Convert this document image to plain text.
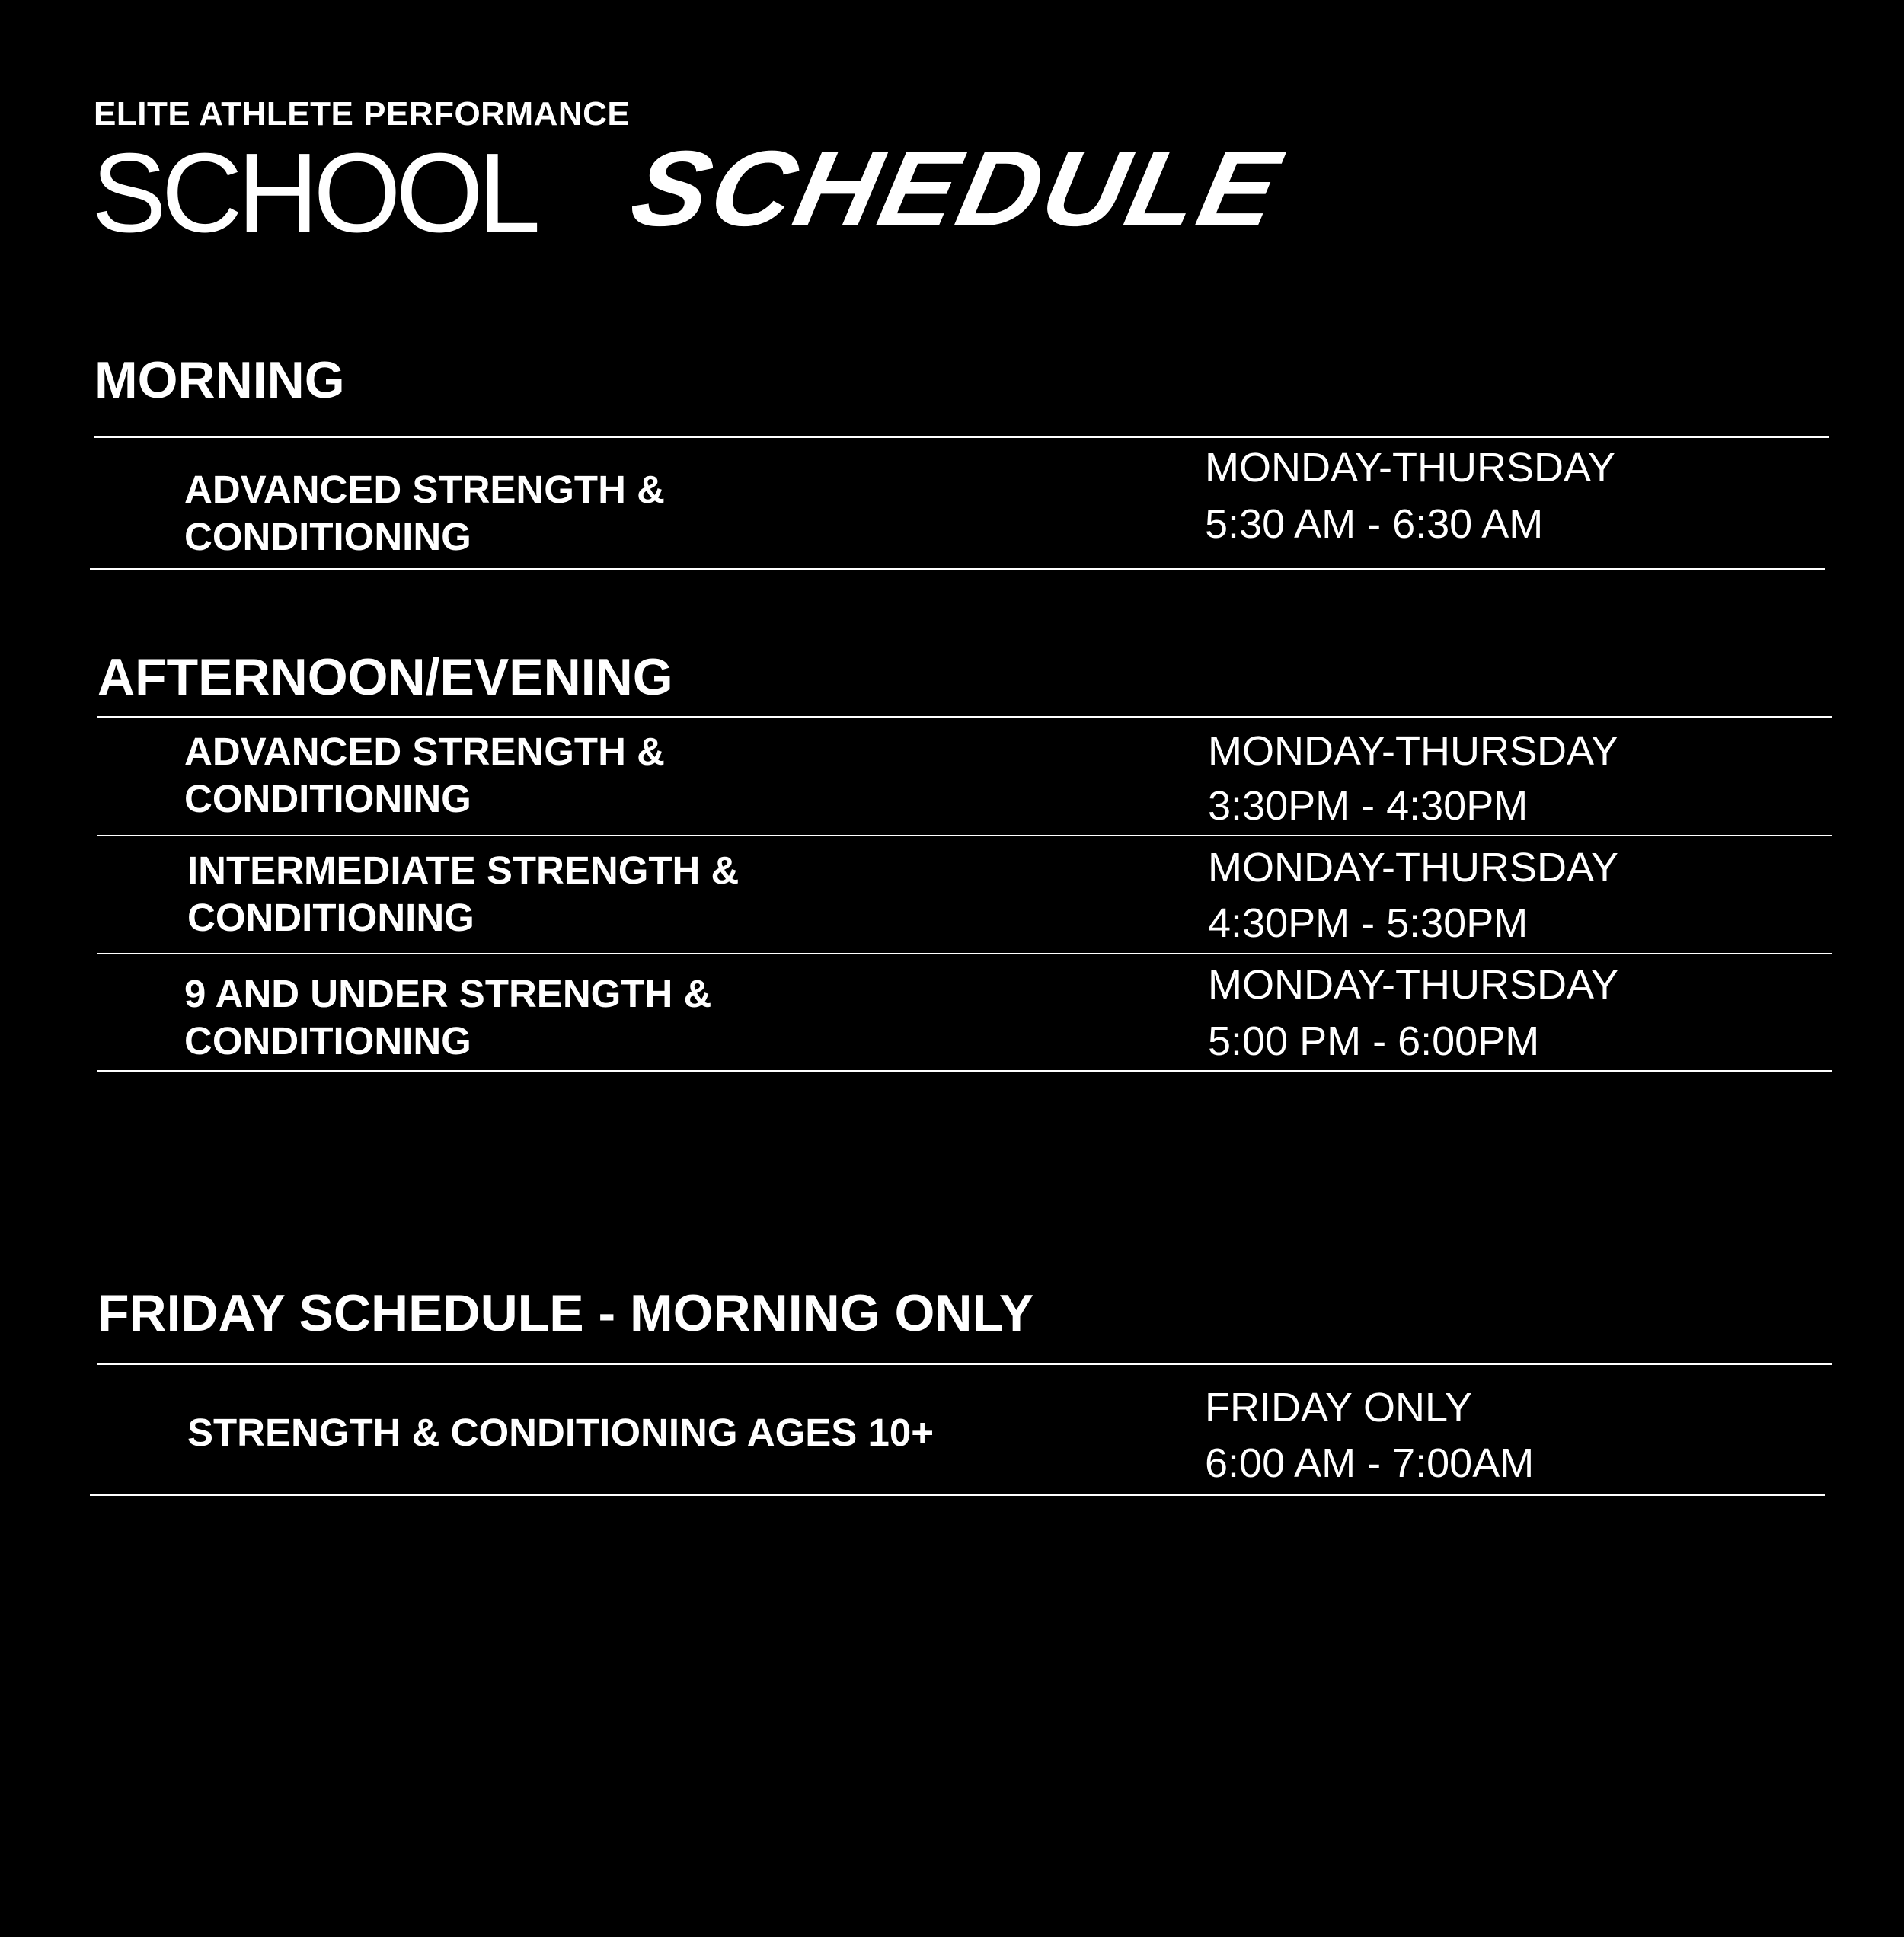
ELITE ATHLETE PERFORMANCE
SCHOOL SCHEDULE
MORNING
ADVANCED STRENGTH &
CONDITIONING
MONDAY-THURSDAY
5:30 AM - 6:30 AM
AFTERNOON/EVENING
ADVANCED STRENGTH &
CONDITIONING
MONDAY-THURSDAY
3:30PM - 4:30PM
INTERMEDIATE STRENGTH &
CONDITIONING
MONDAY-THURSDAY
4:30PM - 5:30PM
9 AND UNDER STRENGTH &
CONDITIONING
MONDAY-THURSDAY
5:00 PM - 6:00PM
FRIDAY SCHEDULE - MORNING ONLY
STRENGTH & CONDITIONING AGES 10+
FRIDAY ONLY
6:00 AM - 7:00AM
